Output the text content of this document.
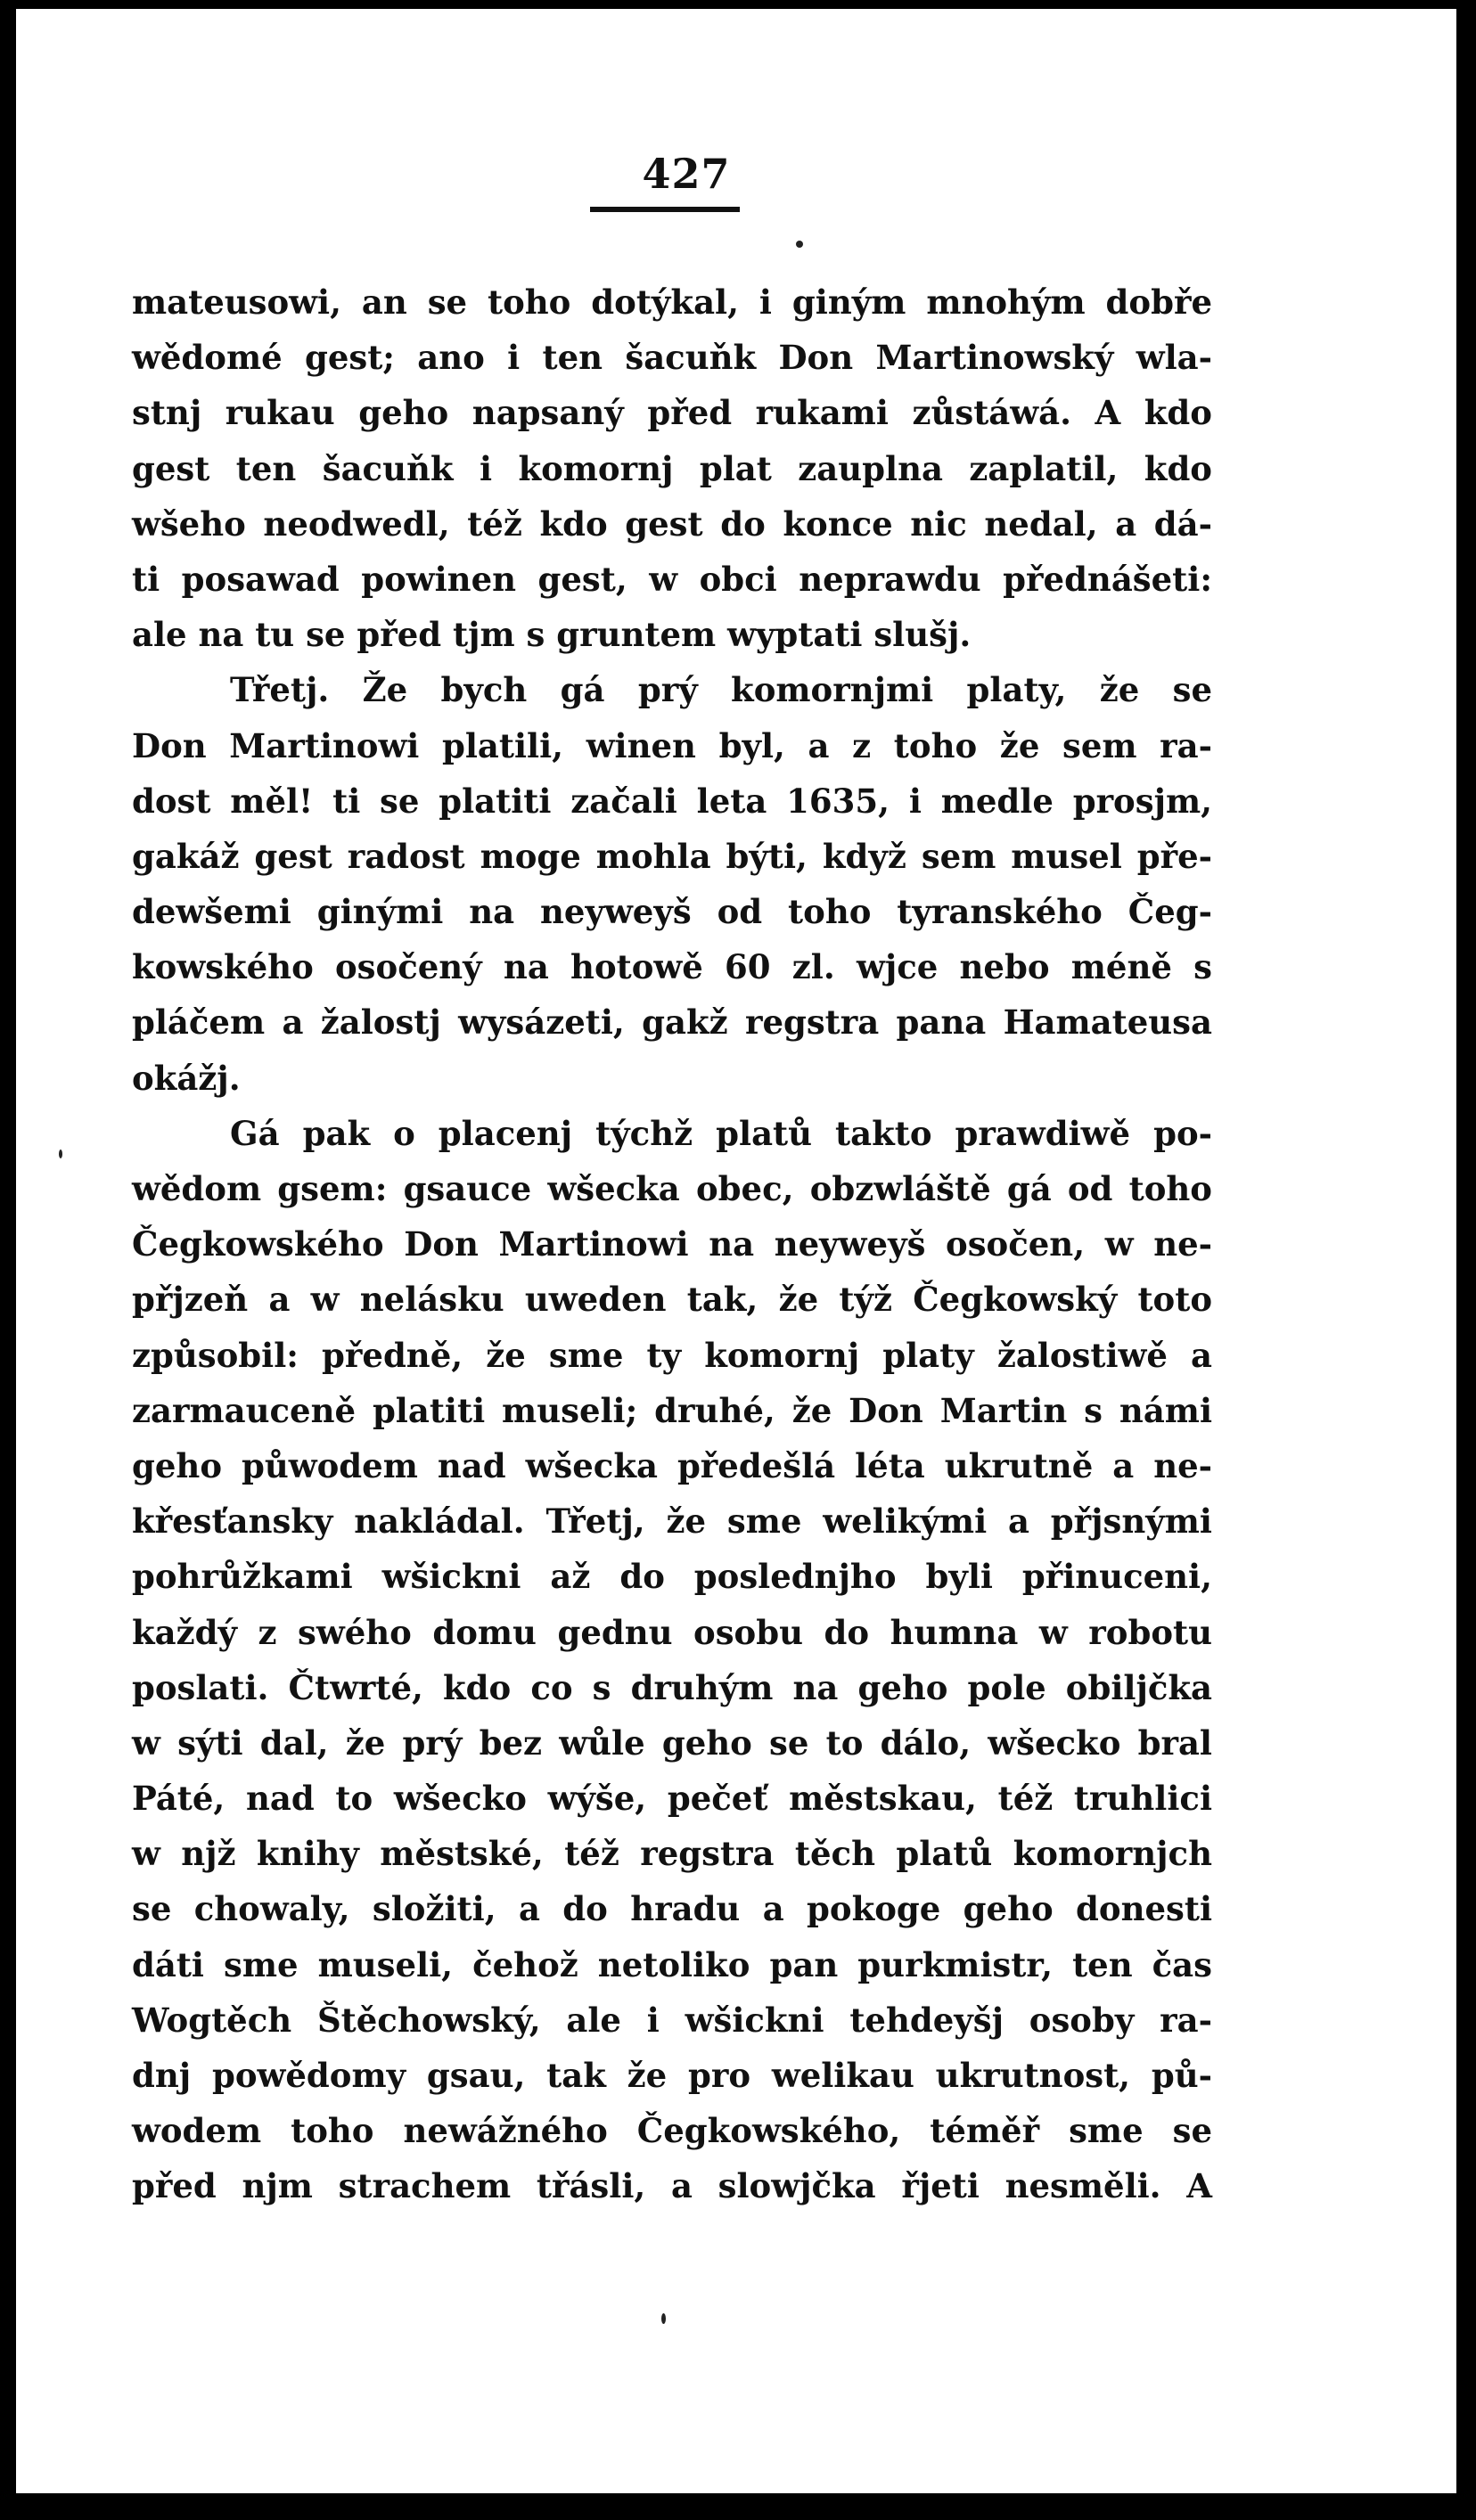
427
mateusowi, an se toho dotýkal, i giným mnohým dobře
wědomé gest; ano i ten šacuňk Don Martinowský wla-
stnj rukau geho napsaný před rukami zůstáwá. A kdo
gest ten šacuňk i komornj plat zauplna zaplatil, kdo
wšeho neodwedl, též kdo gest do konce nic nedal, a dá-
ti posawad powinen gest, w obci neprawdu přednášeti:
ale na tu se před tjm s gruntem wyptati slušj.
Třetj. Že bych gá prý komornjmi platy, že se
Don Martinowi platili, winen byl, a z toho že sem ra-
dost měl! ti se platiti začali leta 1635, i medle prosjm,
gakáž gest radost moge mohla býti, když sem musel pře-
dewšemi ginými na neyweyš od toho tyranského Čeg-
kowského osočený na hotowě 60 zl. wjce nebo méně s
pláčem a žalostj wysázeti, gakž regstra pana Hamateusa
okážj.
Gá pak o placenj týchž platů takto prawdiwě po-
wědom gsem: gsauce wšecka obec, obzwláště gá od toho
Čegkowského Don Martinowi na neyweyš osočen, w ne-
přjzeň a w nelásku uweden tak, že týž Čegkowský toto
způsobil: předně, že sme ty komornj platy žalostiwě a
zarmauceně platiti museli; druhé, že Don Martin s námi
geho půwodem nad wšecka předešlá léta ukrutně a ne-
křesťansky nakládal. Třetj, že sme welikými a přjsnými
pohrůžkami wšickni až do poslednjho byli přinuceni,
každý z swého domu gednu osobu do humna w robotu
poslati. Čtwrté, kdo co s druhým na geho pole obiljčka
w sýti dal, že prý bez wůle geho se to dálo, wšecko bral
Páté, nad to wšecko wýše, pečeť městskau, též truhlici
w njž knihy městské, též regstra těch platů komornjch
se chowaly, složiti, a do hradu a pokoge geho donesti
dáti sme museli, čehož netoliko pan purkmistr, ten čas
Wogtěch Štěchowský, ale i wšickni tehdeyšj osoby ra-
dnj powědomy gsau, tak že pro welikau ukrutnost, pů-
wodem toho newážného Čegkowského, téměř sme se
před njm strachem třásli, a slowjčka řjeti nesměli. A
